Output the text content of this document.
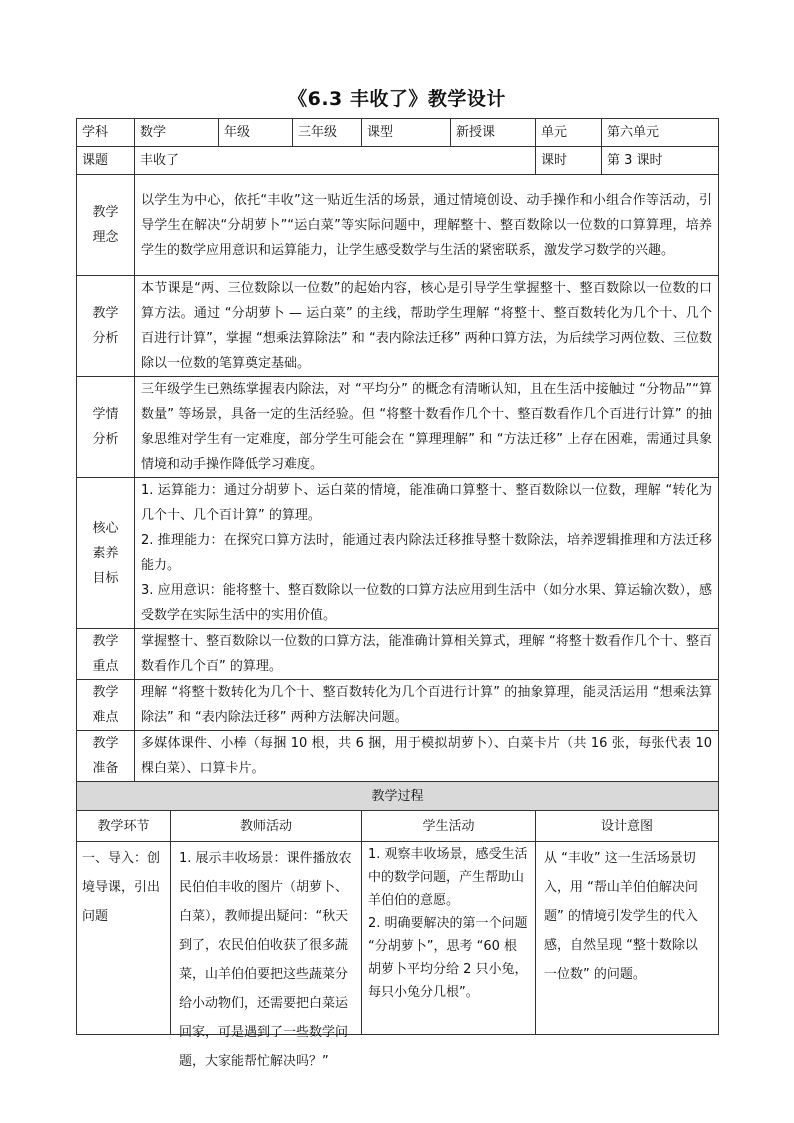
《6.3 丰收了》教学设计
学科	数学		年级	三年级	课型	新授课	单元	第六单元
课题	丰收了						课时	第 3 课时

教学
理念	以学生为中心，依托“丰收”这一贴近生活的场景，通过情境创设、动手操作和小组合作等活动，引导学生在解决“分胡萝卜”“运白菜”等实际问题中，理解整十、整百数除以一位数的口算算理，培养学生的数学应用意识和运算能力，让学生感受数学与生活的紧密联系，激发学习数学的兴趣。							

教学
分析	本节课是“两、三位数除以一位数”的起始内容，核心是引导学生掌握整十、整百数除以一位数的口算方法。通过 “分胡萝卜 — 运白菜” 的主线，帮助学生理解 “将整十、整百数转化为几个十、几个百进行计算”，掌握 “想乘法算除法” 和 “表内除法迁移” 两种口算方法，为后续学习两位数、三位数除以一位数的笔算奠定基础。							

学情
分析	三年级学生已熟练掌握表内除法，对 “平均分” 的概念有清晰认知，且在生活中接触过 “分物品”“算数量” 等场景，具备一定的生活经验。但 “将整十数看作几个十、整百数看作几个百进行计算” 的抽象思维对学生有一定难度，部分学生可能会在 “算理理解” 和 “方法迁移” 上存在困难，需通过具象情境和动手操作降低学习难度。							

核心
素养
目标	1. 运算能力：通过分胡萝卜、运白菜的情境，能准确口算整十、整百数除以一位数，理解 “转化为几个十、几个百计算” 的算理。
2. 推理能力：在探究口算方法时，能通过表内除法迁移推导整十数除法，培养逻辑推理和方法迁移能力。
3. 应用意识：能将整十、整百数除以一位数的口算方法应用到生活中（如分水果、算运输次数），感受数学在实际生活中的实用价值。							

教学
重点	掌握整十、整百数除以一位数的口算方法，能准确计算相关算式，理解 “将整十数看作几个十、整百数看作几个百” 的算理。							

教学
难点	理解 “将整十数转化为几个十、整百数转化为几个百进行计算” 的抽象算理，能灵活运用 “想乘法算除法” 和 “表内除法迁移” 两种方法解决问题。							

教学
准备	多媒体课件、小棒（每捆 10 根，共 6 捆，用于模拟胡萝卜）、白菜卡片（共 16 张，每张代表 10 棵白菜）、口算卡片。							
教学过程								
教学环节		教师活动			学生活动		设计意图	

一、导入：创境导课，引出问题		1. 展示丰收场景：课件播放农民伯伯丰收的图片（胡萝卜、白菜），教师提出疑问：“秋天到了，农民伯伯收获了很多蔬菜，山羊伯伯要把这些蔬菜分给小动物们，还需要把白菜运回家，可是遇到了一些数学问题，大家能帮忙解决吗？”			1. 观察丰收场景，感受生活中的数学问题，产生帮助山羊伯伯的意愿。
2. 明确要解决的第一个问题 “分胡萝卜”，思考 “60 根胡萝卜平均分给 2 只小兔，每只小兔分几根”。		从 “丰收” 这一生活场景切入，用 “帮山羊伯伯解决问题” 的情境引发学生的代入感，自然呈现 “整十数除以一位数” 的问题。	
